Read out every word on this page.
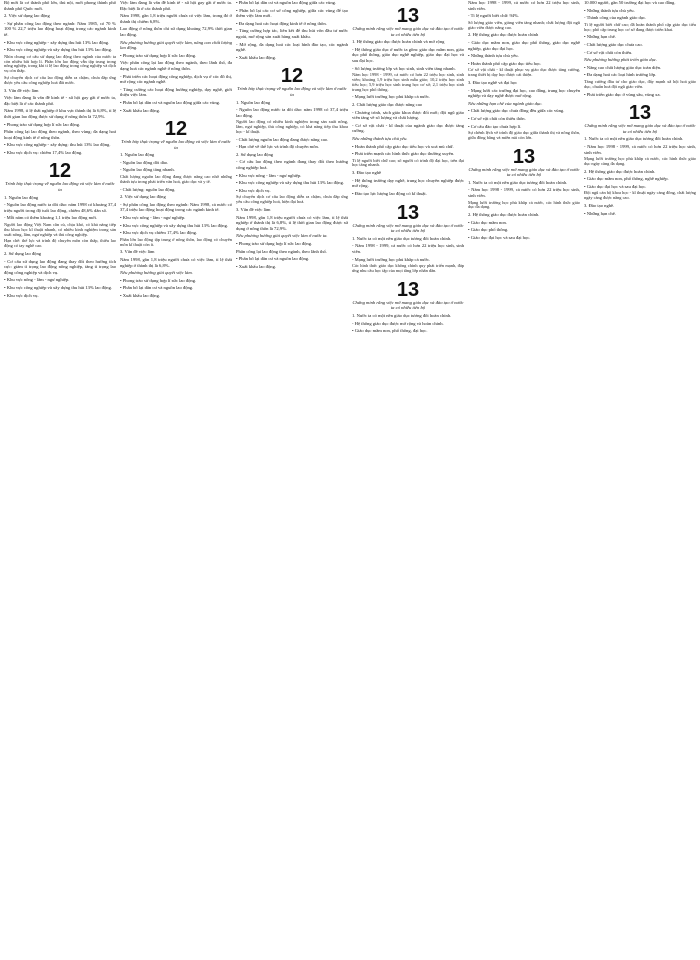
Bộ mới là cơ thành phố lớn, thủ nội, mới phong thành phố thành phố Quốc mới.
2. Việc sử dụng lao động
- Sự phân công lao động theo ngành: Năm 1985, có 70 % 100 % 22,7 triệu lao động hoạt động trong các ngành kinh tế.
• Khu vực công nghiệp - xây dựng thu hút 13% lao động.
• Khu vực công nghiệp và xây dựng thu hút 13% lao động.
Nhìn chung cơ cấu sử dụng lao động theo ngành của nước ta còn nhiều bất hợp lí. Phần lớn lao động vẫn tập trung trong nông nghiệp, trong khi tỉ lệ lao động trong công nghiệp và dịch vụ còn thấp.
Sự chuyển dịch cơ cấu lao động diễn ra chậm, chưa đáp ứng được yêu cầu công nghiệp hoá đất nước.
3. Vấn đề việc làm
Việc làm đang là vấn đề kinh tế - xã hội gay gắt ở nước ta, đặc biệt là ở các thành phố.
Năm 1998, tỉ lệ thất nghiệp ở khu vực thành thị là 6,8%, tỉ lệ thời gian lao động được sử dụng ở nông thôn là 72,9%.
• Phong trào sử dụng hợp lí sức lao động.
Phân công lại lao động theo ngành, theo vùng; đa dạng hoá hoạt động kinh tế ở nông thôn.
• Khu vực công nghiệp - xây dựng: thu hút 13% lao động.
• Khu vực dịch vụ: chiếm 17,4% lao động.
12
Trình bày thực trạng về nguồn lao động và việc làm ở nước ta
1. Nguồn lao động
- Nguồn lao động nước ta dồi dào: năm 1998 có khoảng 37,4 triệu người trong độ tuổi lao động, chiếm 48,6% dân số.
- Mỗi năm có thêm khoảng 1,1 triệu lao động mới.
Người lao động Việt Nam cần cù, chịu khó, có khả năng tiếp thu khoa học kĩ thuật nhanh, có nhiều kinh nghiệm trong sản xuất nông, lâm, ngư nghiệp và thủ công nghiệp.
Hạn chế: thể lực và trình độ chuyên môn còn thấp, thiếu lao động có tay nghề cao.
2. Sử dụng lao động
- Cơ cấu sử dụng lao động đang thay đổi theo hướng tích cực: giảm tỉ trọng lao động nông nghiệp, tăng tỉ trọng lao động công nghiệp và dịch vụ.
• Khu vực nông - lâm - ngư nghiệp.
• Khu vực công nghiệp và xây dựng thu hút 13% lao động.
• Khu vực dịch vụ.
Việc làm đang là vấn đề kinh tế - xã hội gay gắt ở nước ta. Đặc biệt là ở các thành phố.
Năm 1998, gần 1,8 triệu người chưa có việc làm, trong đó ở thành thị chiếm 6,8%.
Lao động ở nông thôn chỉ sử dụng khoảng 72,9% thời gian lao động.
Nêu phương hướng giải quyết việc làm, nâng cao chất lượng lao động.
• Phong trào sử dụng hợp lí sức lao động.
Việc phân công lại lao động theo ngành, theo lãnh thổ, đa dạng hoá các ngành nghề ở nông thôn.
- Phát triển các hoạt động công nghiệp, dịch vụ ở các đô thị, mở rộng các ngành nghề.
- Tăng cường các hoạt động hướng nghiệp, dạy nghề, giới thiệu việc làm.
• Phân bố lại dân cư và nguồn lao động giữa các vùng.
• Xuất khẩu lao động.
12
Trình bày thực trạng về nguồn lao động và việc làm ở nước ta
1. Nguồn lao động
- Nguồn lao động dồi dào.
- Nguồn lao động tăng nhanh.
Chất lượng nguồn lao động đang được nâng cao nhờ những thành tựu trong phát triển văn hoá, giáo dục và y tế.
- Chất lượng: nguồn lao động.
2. Việc sử dụng lao động
- Sự phân công lao động theo ngành: Năm 1998, cả nước có 37,4 triệu lao động hoạt động trong các ngành kinh tế.
• Khu vực nông - lâm - ngư nghiệp.
• Khu vực công nghiệp và xây dựng thu hút 13% lao động.
• Khu vực dịch vụ chiếm 17,4% lao động.
Phần lớn lao động tập trung ở nông thôn, lao động có chuyên môn kĩ thuật còn ít.
3. Vấn đề việc làm
Năm 1998, gần 1,8 triệu người chưa có việc làm, tỉ lệ thất nghiệp ở thành thị là 6,8%.
Nêu phương hướng giải quyết việc làm.
• Phong trào sử dụng hợp lí sức lao động.
• Phân bố lại dân cư và nguồn lao động.
• Xuất khẩu lao động.
• Phân bố lại dân cư và nguồn lao động giữa các vùng.
• Phân bố lại các cơ sở công nghiệp, giữa các vùng để tạo thêm việc làm mới.
• Đa dạng hoá các hoạt động kinh tế ở nông thôn.
- Tăng cường hợp tác, liên kết để thu hút vốn đầu tư nước ngoài, mở rộng sản xuất hàng xuất khẩu.
- Mở rộng, đa dạng hoá các loại hình đào tạo, các ngành nghề.
• Xuất khẩu lao động.
12
Trình bày thực trạng về nguồn lao động và việc làm ở nước ta
1. Nguồn lao động
- Nguồn lao động nước ta dồi dào: năm 1998 có 37,4 triệu lao động.
Người lao động có nhiều kinh nghiệm trong sản xuất nông, lâm, ngư nghiệp, thủ công nghiệp, có khả năng tiếp thu khoa học - kĩ thuật.
- Chất lượng nguồn lao động đang được nâng cao.
- Hạn chế về thể lực và trình độ chuyên môn.
2. Sử dụng lao động
- Cơ cấu lao động theo ngành đang thay đổi theo hướng công nghiệp hoá.
• Khu vực nông - lâm - ngư nghiệp.
• Khu vực công nghiệp và xây dựng thu hút 13% lao động.
• Khu vực dịch vụ.
Sự chuyển dịch cơ cấu lao động diễn ra chậm, chưa đáp ứng yêu cầu công nghiệp hoá, hiện đại hoá.
3. Vấn đề việc làm
Năm 1998, gần 1,8 triệu người chưa có việc làm, tỉ lệ thất nghiệp ở thành thị là 6,8%, tỉ lệ thời gian lao động được sử dụng ở nông thôn là 72,9%.
Nêu phương hướng giải quyết việc làm ở nước ta.
• Phong trào sử dụng hợp lí sức lao động.
Phân công lại lao động theo ngành, theo lãnh thổ.
• Phân bố lại dân cư và nguồn lao động.
• Xuất khẩu lao động.
13
Chứng minh rằng việc mở mang giáo dục và đào tạo ở nước ta có nhiều tiến bộ
1. Hệ thống giáo dục được hoàn chỉnh và mở rộng
- Hệ thống giáo dục ở nước ta gồm: giáo dục mầm non, giáo dục phổ thông, giáo dục nghề nghiệp, giáo dục đại học và sau đại học.
- Số lượng trường lớp và học sinh, sinh viên tăng nhanh.
Năm học 1998 - 1999, cả nước có hơn 22 triệu học sinh, sinh viên; khoảng 1,9 triệu học sinh mẫu giáo; 10,2 triệu học sinh tiểu học; 5,9 triệu học sinh trung học cơ sở; 2,1 triệu học sinh trung học phổ thông.
- Mạng lưới trường học phủ khắp cả nước.
2. Chất lượng giáo dục được nâng cao
- Chương trình, sách giáo khoa được đổi mới; đội ngũ giáo viên tăng về số lượng và chất lượng.
- Cơ sở vật chất - kĩ thuật của ngành giáo dục được tăng cường.
Nêu những thành tựu chủ yếu.
• Hoàn thành phổ cập giáo dục tiểu học và xoá mù chữ.
• Phát triển mạnh các hình thức giáo dục thường xuyên.
Tỉ lệ người biết chữ cao; số người có trình độ đại học, trên đại học tăng nhanh.
3. Đào tạo nghề
- Hệ thống trường dạy nghề, trung học chuyên nghiệp được mở rộng.
• Đào tạo lực lượng lao động có kĩ thuật.
13
Chứng minh rằng việc mở mang giáo dục và đào tạo ở nước ta có nhiều tiến bộ
1. Nước ta có một nền giáo dục tương đối hoàn chỉnh.
- Năm 1998 - 1999, cả nước có hơn 22 triệu học sinh, sinh viên.
- Mạng lưới trường học phủ khắp cả nước.
Các hình thức giáo dục không chính quy phát triển mạnh, đáp ứng nhu cầu học tập của mọi tầng lớp nhân dân.
13
Chứng minh rằng việc mở mang giáo dục và đào tạo ở nước ta có nhiều tiến bộ
1. Nước ta có một nền giáo dục tương đối hoàn chỉnh.
- Hệ thống giáo dục được mở rộng và hoàn chỉnh.
• Giáo dục mầm non, phổ thông, đại học.
Năm học 1998 - 1999, cả nước có hơn 22 triệu học sinh, sinh viên.
- Tỉ lệ người biết chữ: 94%.
Số lượng giáo viên, giảng viên tăng nhanh; chất lượng đội ngũ giáo viên được nâng cao.
2. Hệ thống giáo dục được hoàn chỉnh
- Giáo dục mầm non, giáo dục phổ thông, giáo dục nghề nghiệp, giáo dục đại học.
• Những thành tựu chủ yếu.
• Hoàn thành phổ cập giáo dục tiểu học.
Cơ sở vật chất - kĩ thuật phục vụ giáo dục được tăng cường, trang thiết bị dạy học được cải thiện.
3. Đào tạo nghề và đại học
- Mạng lưới các trường đại học, cao đẳng, trung học chuyên nghiệp và dạy nghề được mở rộng.
Nêu những hạn chế của ngành giáo dục.
• Chất lượng giáo dục chưa đồng đều giữa các vùng.
• Cơ sở vật chất còn thiếu thốn.
• Cơ cấu đào tạo chưa hợp lí.
Sự chênh lệch về trình độ giáo dục giữa thành thị và nông thôn, giữa đồng bằng và miền núi còn lớn.
13
Chứng minh rằng việc mở mang giáo dục và đào tạo ở nước ta có nhiều tiến bộ
1. Nước ta có một nền giáo dục tương đối hoàn chỉnh.
- Năm học 1998 - 1999, cả nước có hơn 22 triệu học sinh, sinh viên.
Mạng lưới trường học phủ khắp cả nước, các hình thức giáo dục đa dạng.
2. Hệ thống giáo dục được hoàn chỉnh.
• Giáo dục mầm non.
• Giáo dục phổ thông.
• Giáo dục đại học và sau đại học.
10.000 người, gần 50 trường đại học và cao đẳng.
• Những thành tựu chủ yếu.
- Thành công của ngành giáo dục.
Tỉ lệ người biết chữ cao; đã hoàn thành phổ cập giáo dục tiểu học; phổ cập trung học cơ sở đang được triển khai.
• Những hạn chế.
- Chất lượng giáo dục chưa cao.
- Cơ sở vật chất còn thiếu.
Nêu phương hướng phát triển giáo dục.
• Nâng cao chất lượng giáo dục toàn diện.
• Đa dạng hoá các loại hình trường lớp.
Tăng cường đầu tư cho giáo dục, đẩy mạnh xã hội hoá giáo dục, chuẩn hoá đội ngũ giáo viên.
• Phát triển giáo dục ở vùng sâu, vùng xa.
13
Chứng minh rằng việc mở mang giáo dục và đào tạo ở nước ta có nhiều tiến bộ
1. Nước ta có một nền giáo dục tương đối hoàn chỉnh.
- Năm học 1998 - 1999, cả nước có hơn 22 triệu học sinh, sinh viên.
Mạng lưới trường học phủ khắp cả nước, các hình thức giáo dục ngày càng đa dạng.
2. Hệ thống giáo dục được hoàn chỉnh.
• Giáo dục mầm non, phổ thông, nghề nghiệp.
• Giáo dục đại học và sau đại học.
Đội ngũ cán bộ khoa học - kĩ thuật ngày càng đông, chất lượng ngày càng được nâng cao.
3. Đào tạo nghề.
• Những hạn chế.
